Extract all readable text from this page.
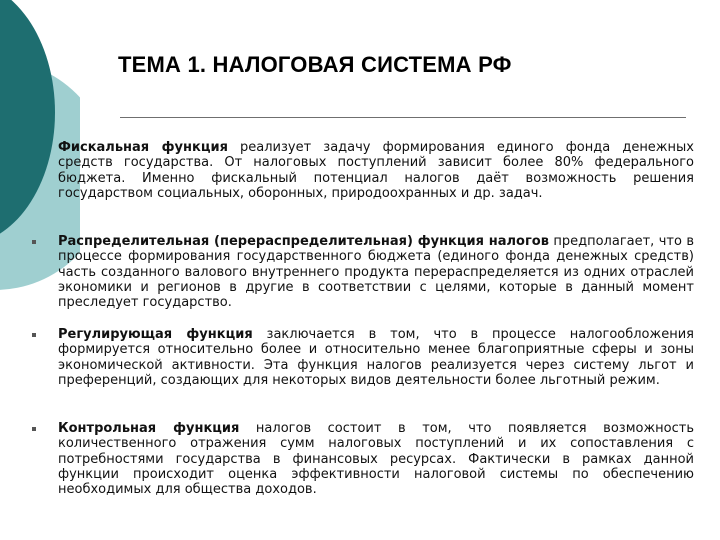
ТЕМА 1. НАЛОГОВАЯ СИСТЕМА РФ
Фискальная функция реализует задачу формирования единого фонда денежных средств государства. От налоговых поступлений зависит более 80% федерального бюджета. Именно фискальный потенциал налогов даёт возможность решения государством социальных, оборонных, природоохранных и др. задач.
Распределительная (перераспределительная) функция налогов предполагает, что в процессе формирования государственного бюджета (единого фонда денежных средств) часть созданного валового внутреннего продукта перераспределяется из одних отраслей экономики и регионов в другие в соответствии с целями, которые в данный момент преследует государство.
Регулирующая функция заключается в том, что в процессе налогообложения формируется относительно более и относительно менее благоприятные сферы и зоны экономической активности. Эта функция налогов реализуется через систему льгот и преференций, создающих для некоторых видов деятельности более льготный режим.
Контрольная функция налогов состоит в том, что появляется возможность количественного отражения сумм налоговых поступлений и их сопоставления с потребностями государства в финансовых ресурсах. Фактически в рамках данной функции происходит оценка эффективности налоговой системы по обеспечению необходимых для общества доходов.
